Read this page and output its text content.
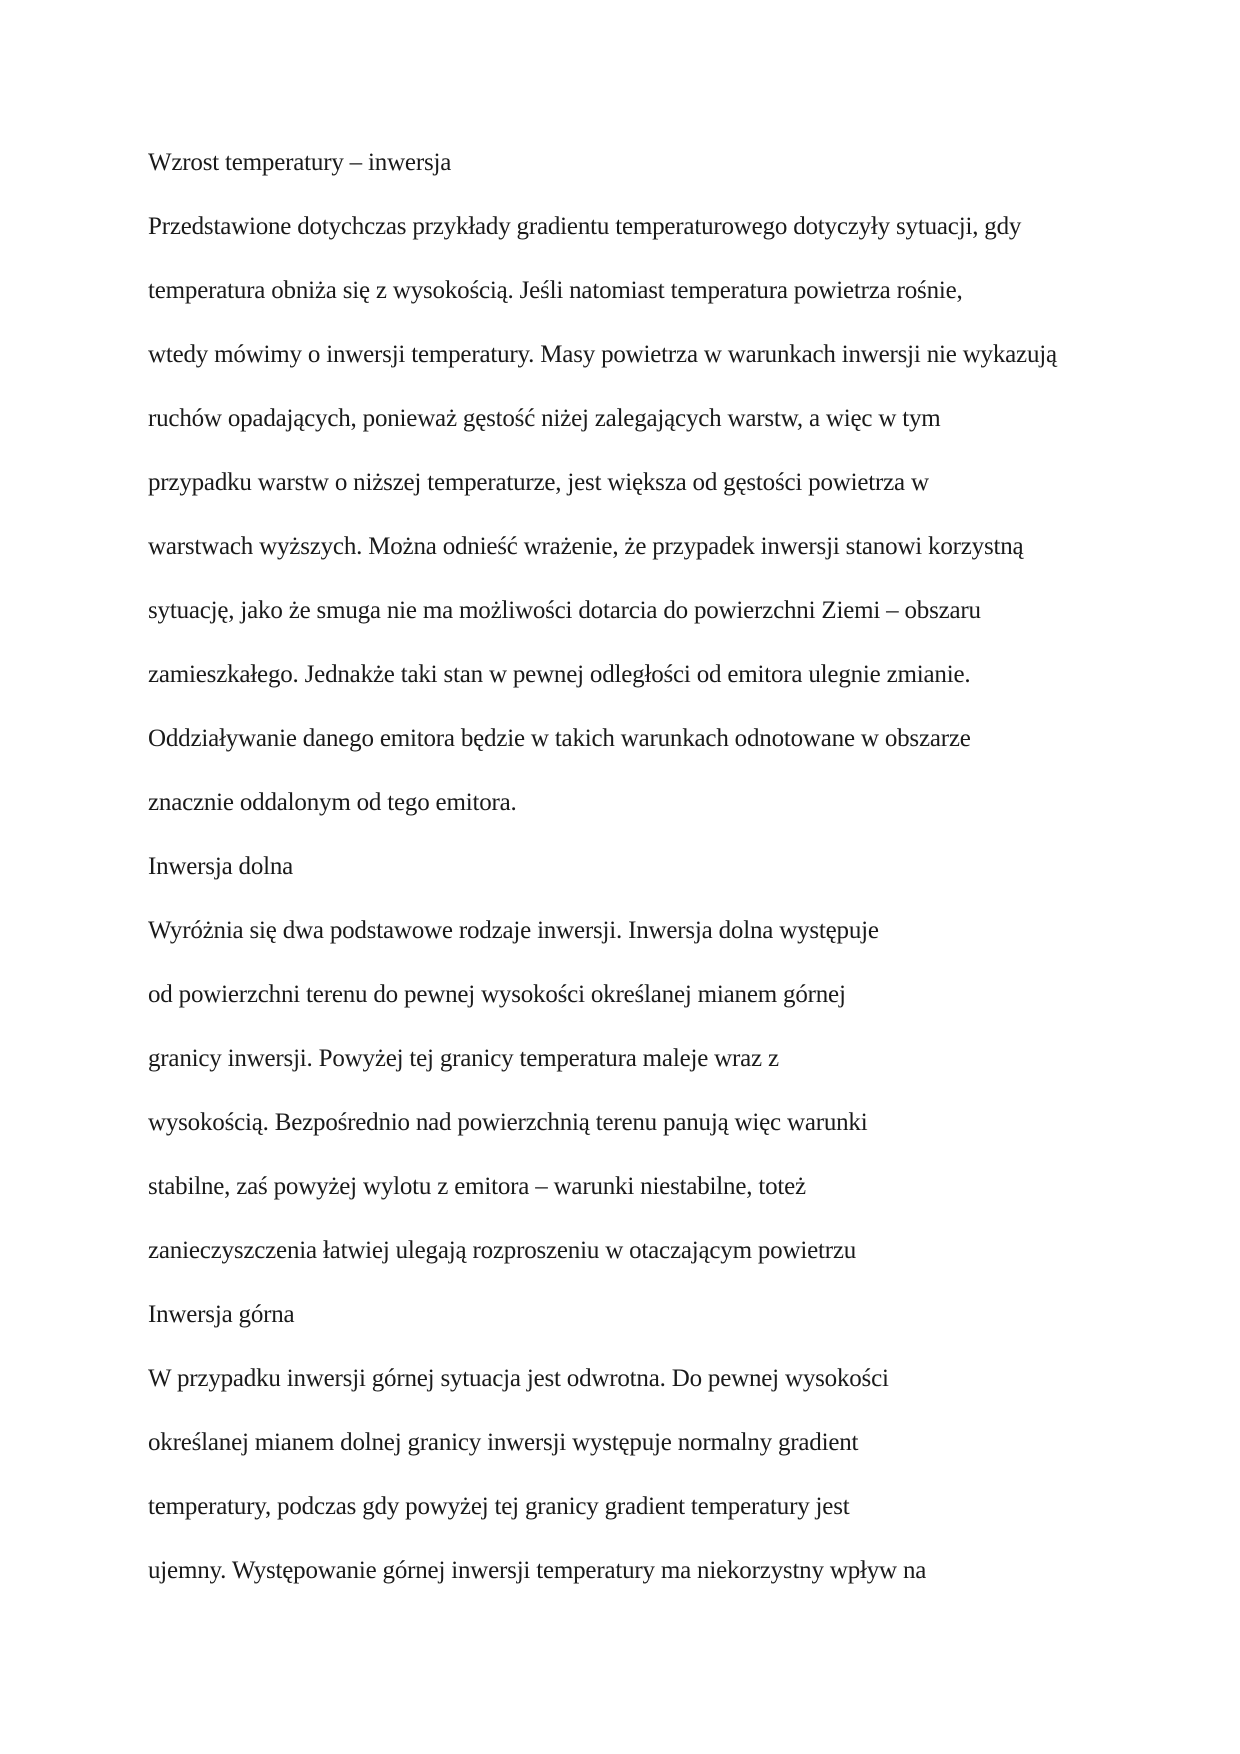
Wzrost temperatury – inwersja
Przedstawione dotychczas przykłady gradientu temperaturowego dotyczyły sytuacji, gdy
temperatura obniża się z wysokością. Jeśli natomiast temperatura powietrza rośnie,
wtedy mówimy o inwersji temperatury. Masy powietrza w warunkach inwersji nie wykazują
ruchów opadających, ponieważ gęstość niżej zalegających warstw, a więc w tym
przypadku warstw o niższej temperaturze, jest większa od gęstości powietrza w
warstwach wyższych. Można odnieść wrażenie, że przypadek inwersji stanowi korzystną
sytuację, jako że smuga nie ma możliwości dotarcia do powierzchni Ziemi – obszaru
zamieszkałego. Jednakże taki stan w pewnej odległości od emitora ulegnie zmianie.
Oddziaływanie danego emitora będzie w takich warunkach odnotowane w obszarze
znacznie oddalonym od tego emitora.
Inwersja dolna
Wyróżnia się dwa podstawowe rodzaje inwersji. Inwersja dolna występuje
od powierzchni terenu do pewnej wysokości określanej mianem górnej
granicy inwersji. Powyżej tej granicy temperatura maleje wraz z
wysokością. Bezpośrednio nad powierzchnią terenu panują więc warunki
stabilne, zaś powyżej wylotu z emitora – warunki niestabilne, toteż
zanieczyszczenia łatwiej ulegają rozproszeniu w otaczającym powietrzu
Inwersja górna
W przypadku inwersji górnej sytuacja jest odwrotna. Do pewnej wysokości
określanej mianem dolnej granicy inwersji występuje normalny gradient
temperatury, podczas gdy powyżej tej granicy gradient temperatury jest
ujemny. Występowanie górnej inwersji temperatury ma niekorzystny wpływ na
